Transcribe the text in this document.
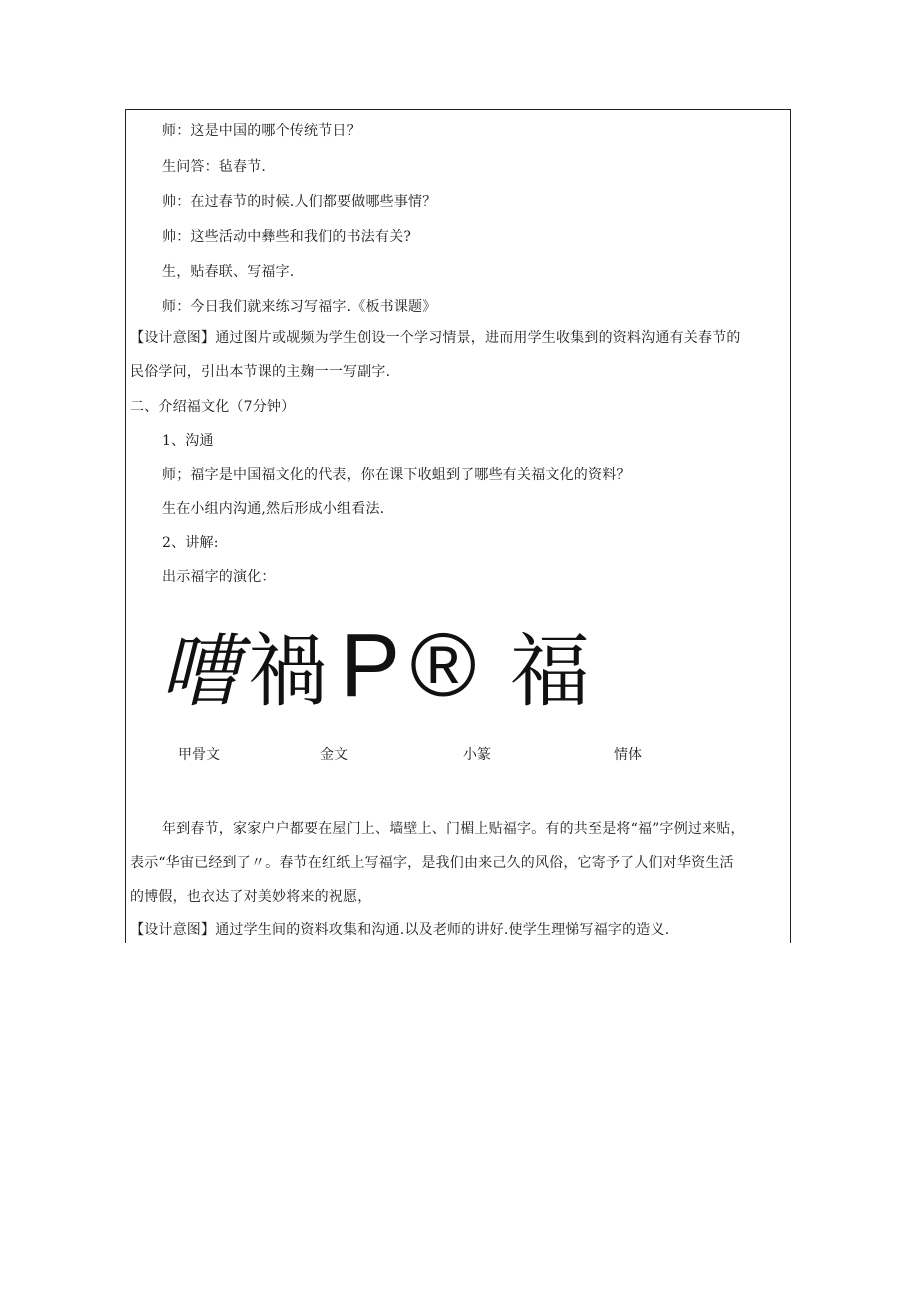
师：这是中国的哪个传统节日？
生问答：毡春节.
帅：在过春节的时候.人们都要做哪些事情？
帅：这些活动中彝些和我们的书法有关?
生，贴春联、写福字.
师：今日我们就来练习写福字.《板书课题》
【设计意图】通过图片或觇频为学生创设一个学习情景，进而用学生收集到的资料沟通有关春节的
民俗学问，引出本节课的主麹一一写副字.
二、介绍福文化（7分钟）
1、沟通
师；福字是中国福文化的代表，你在课下收蛆到了哪些有关福文化的资料？
生在小组内沟通,然后形成小组看法.
2、讲解:
出示福字的演化：
嘈 禍 P ® 福
甲骨文	金文	小篆	情体
年到春节，家家户户都要在屋门上、墙壁上、门楣上贴福字。有的共至是将“福”字例过来贴，
表示“华宙已经到了〃。春节在红纸上写福字，是我们由来己久的风俗，它寄予了人们对华资生活
的博假，也衣达了对美妙将来的祝愿，
【设计意图】通过学生间的资料攻集和沟通.以及老师的讲好.使学生理悌写福字的造义.
